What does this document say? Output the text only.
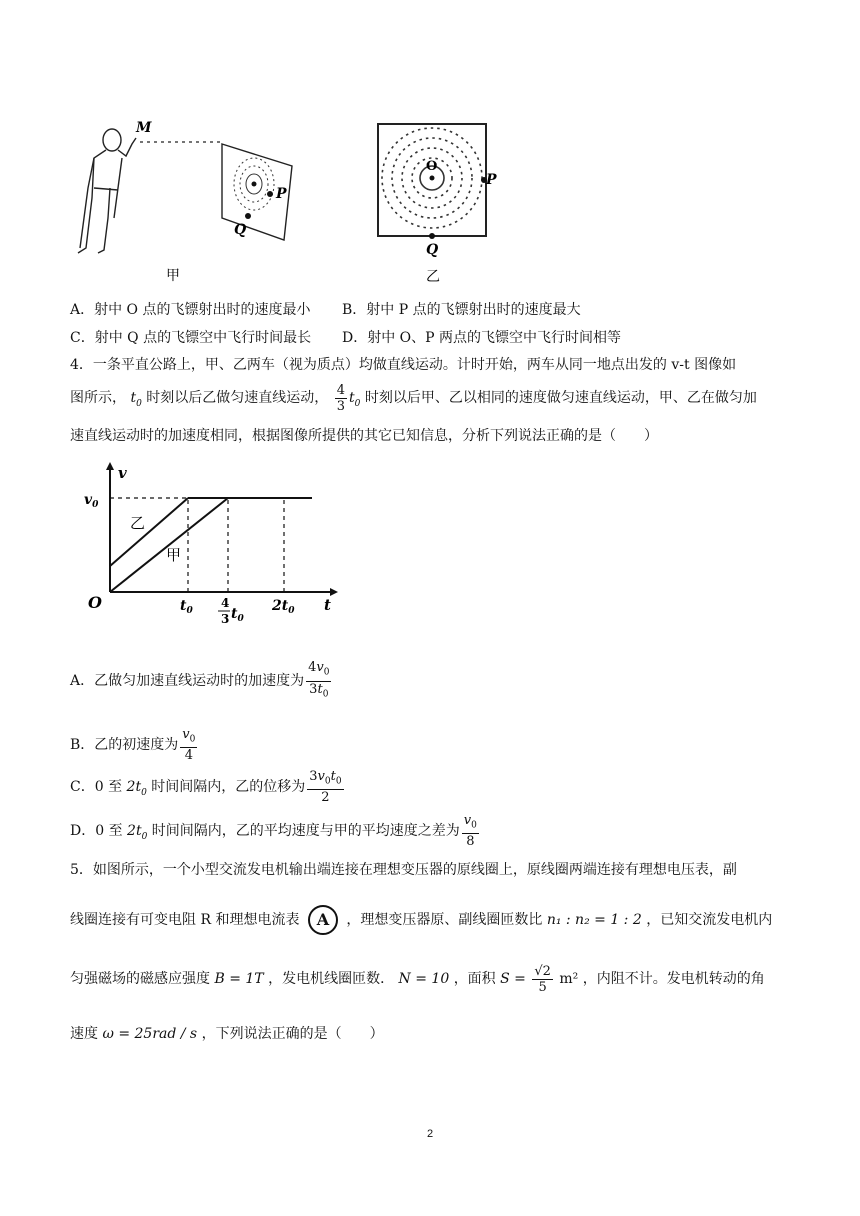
M
P
Q
甲
O
P
Q
乙
A．射中 O 点的飞镖射出时的速度最小 B．射中 P 点的飞镖射出时的速度最大
C．射中 Q 点的飞镖空中飞行时间最长 D．射中 O、P 两点的飞镖空中飞行时间相等
4．一条平直公路上，甲、乙两车（视为质点）均做直线运动。计时开始，两车从同一地点出发的 v-t 图像如
图所示， $t_0$ 时刻以后乙做匀速直线运动， $\frac{4}{3} t_0$ 时刻以后甲、乙以相同的速度做匀速直线运动，甲、乙在做匀加
速直线运动时的加速度相同，根据图像所提供的其它已知信息，分析下列说法正确的是（　　）
v
t
O
$v_0$
乙
甲
$t_0$
4
3 $t_0$
$2t_0$
A．乙做匀加速直线运动时的加速度为 $\frac{4v_0}{3t_0}$
B．乙的初速度为 $\frac{v_0}{4}$
C．0 至 $2t_0$ 时间间隔内，乙的位移为 $\frac{3v_0t_0}{2}$
D．0 至 $2t_0$ 时间间隔内，乙的平均速度与甲的平均速度之差为 $\frac{v_0}{8}$
5．如图所示，一个小型交流发电机输出端连接在理想变压器的原线圈上，原线圈两端连接有理想电压表，副
线圈连接有可变电阻 R 和理想电流表 A ，理想变压器原、副线圈匝数比 n₁ : n₂ = 1 : 2 ，已知交流发电机内
匀强磁场的磁感应强度 B = 1T ，发电机线圈匝数． N = 10 ，面积 $S = \frac{√2}{5} m^2$ ，内阻不计。发电机转动的角
速度 ω = 25rad / s ，下列说法正确的是（　　）
2
